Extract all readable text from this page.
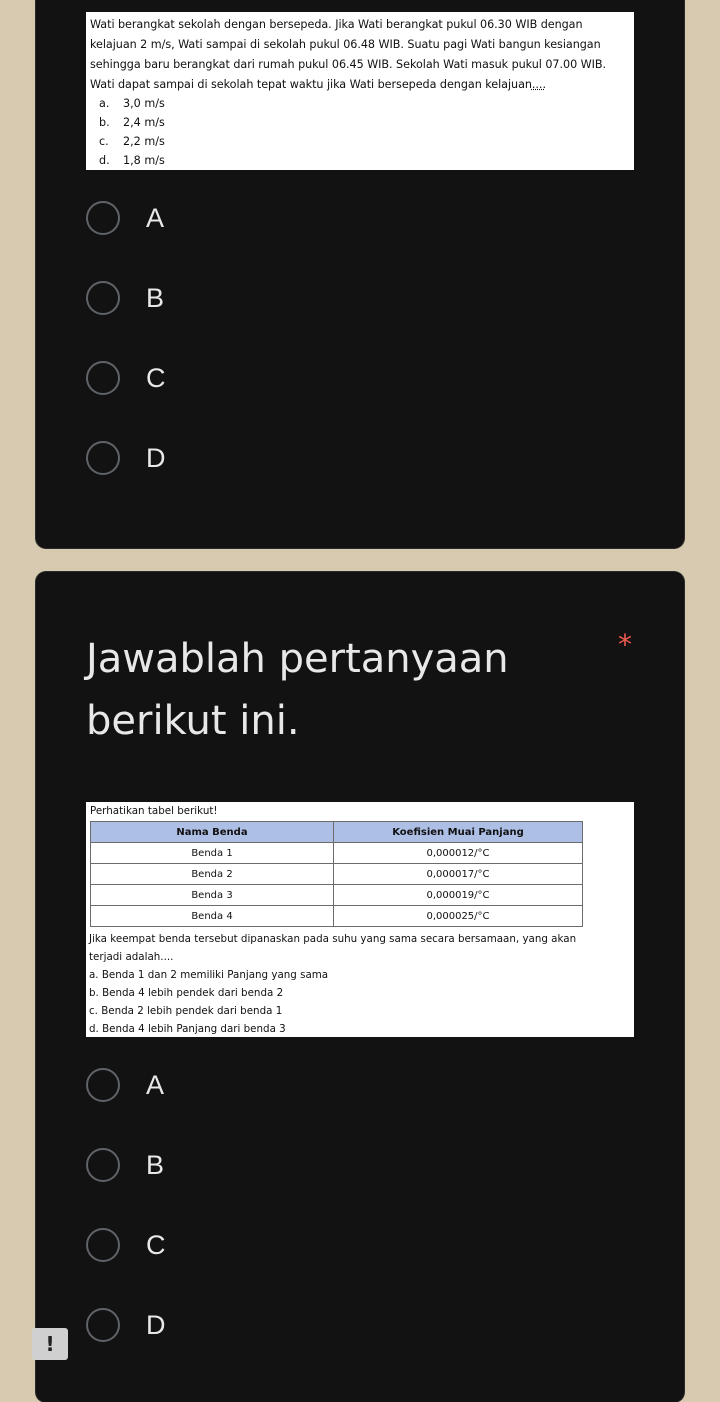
Wati berangkat sekolah dengan bersepeda. Jika Wati berangkat pukul 06.30 WIB dengan
kelajuan 2 m/s, Wati sampai di sekolah pukul 06.48 WIB. Suatu pagi Wati bangun kesiangan
sehingga baru berangkat dari rumah pukul 06.45 WIB. Sekolah Wati masuk pukul 07.00 WIB.
Wati dapat sampai di sekolah tepat waktu jika Wati bersepeda dengan kelajuan....
a. 3,0 m/s
b. 2,4 m/s
c. 2,2 m/s
d. 1,8 m/s
A
B
C
D
Jawablah pertanyaan berikut ini.
*
Perhatikan tabel berikut!
Nama Benda	Koefisien Muai Panjang
Benda 1	0,000012/°C
Benda 2	0,000017/°C
Benda 3	0,000019/°C
Benda 4	0,000025/°C
Jika keempat benda tersebut dipanaskan pada suhu yang sama secara bersamaan, yang akan
terjadi adalah....
a. Benda 1 dan 2 memiliki Panjang yang sama
b. Benda 4 lebih pendek dari benda 2
c. Benda 2 lebih pendek dari benda 1
d. Benda 4 lebih Panjang dari benda 3
A
B
C
D
!
